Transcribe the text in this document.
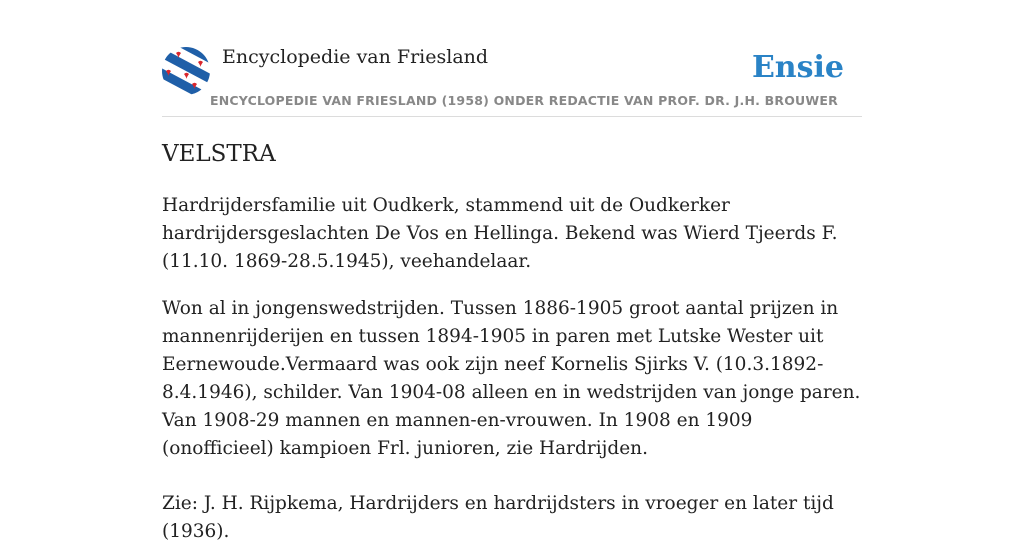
Encyclopedie van Friesland	Ensie
ENCYCLOPEDIE VAN FRIESLAND (1958) ONDER REDACTIE VAN PROF. DR. J.H. BROUWER
VELSTRA

Hardrijdersfamilie uit Oudkerk, stammend uit de Oudkerker hardrijdersgeslachten De Vos en Hellinga. Bekend was Wierd Tjeerds F. (11.10. 1869-28.5.1945), veehandelaar.

Won al in jongenswedstrijden. Tussen 1886-1905 groot aantal prijzen in mannenrijderijen en tussen 1894-1905 in paren met Lutske Wester uit Eernewoude.Vermaard was ook zijn neef Kornelis Sjirks V. (10.3.1892-8.4.1946), schilder. Van 1904-08 alleen en in wedstrijden van jonge paren. Van 1908-29 mannen en mannen-en-vrouwen. In 1908 en 1909 (onofficieel) kampioen Frl. junioren, zie Hardrijden.

Zie: J. H. Rijpkema, Hardrijders en hardrijdsters in vroeger en later tijd (1936).
